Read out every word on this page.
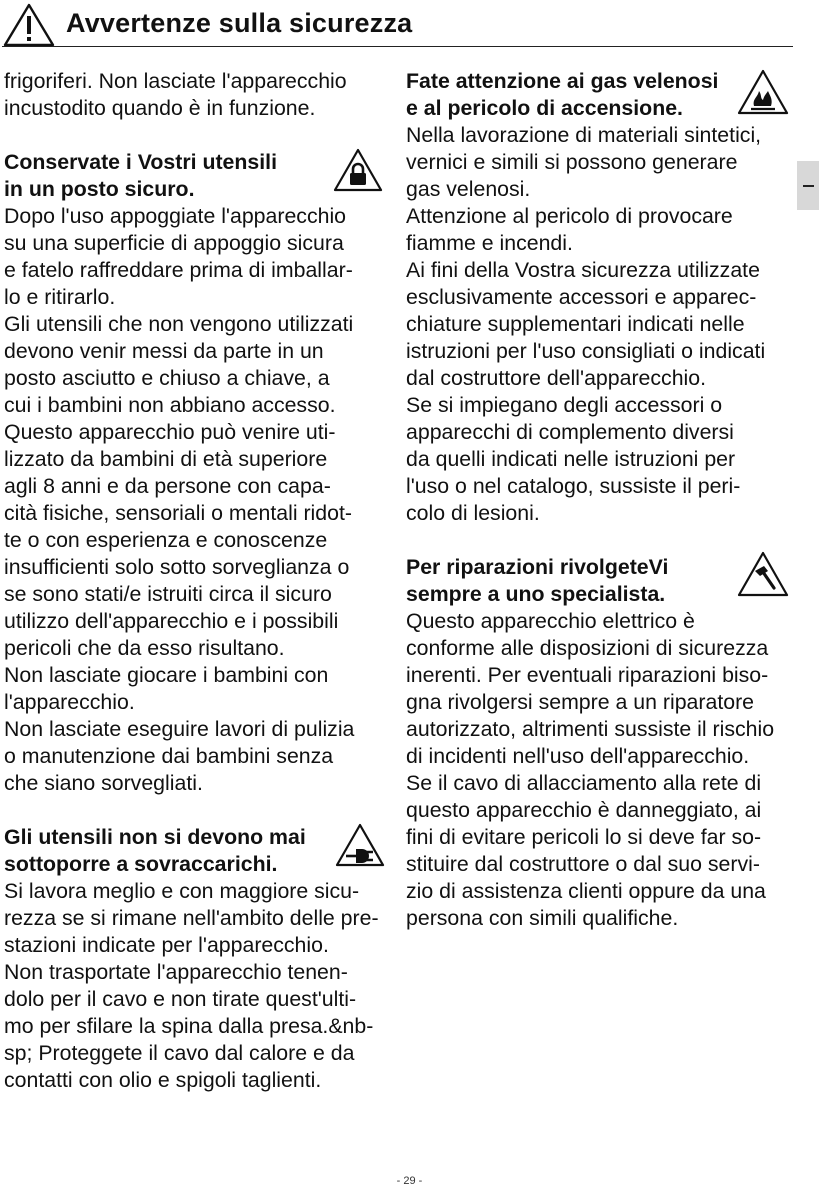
Avvertenze sulla sicurezza

frigoriferi. Non lasciate l'apparecchio

incustodito quando è in funzione.

Conservate i Vostri utensili

in un posto sicuro.

Dopo l'uso appoggiate l'apparecchio

su una superficie di appoggio sicura

e fatelo raffreddare prima di imballar-

lo e ritirarlo.

Gli utensili che non vengono utilizzati

devono venir messi da parte in un

posto asciutto e chiuso a chiave, a

cui i bambini non abbiano accesso.

Questo apparecchio può venire uti-

lizzato da bambini di età superiore

agli 8 anni e da persone con capa-

cità fisiche, sensoriali o mentali ridot-

te o con esperienza e conoscenze

insufficienti solo sotto sorveglianza o

se sono stati/e istruiti circa il sicuro

utilizzo dell'apparecchio e i possibili

pericoli che da esso risultano.

Non lasciate giocare i bambini con

l'apparecchio.

Non lasciate eseguire lavori di pulizia

o manutenzione dai bambini senza

che siano sorvegliati.

Gli utensili non si devono mai

sottoporre a sovraccarichi.

Si lavora meglio e con maggiore sicu-

rezza se si rimane nell'ambito delle pre-

stazioni indicate per l'apparecchio.

Non trasportate l'apparecchio tenen-

dolo per il cavo e non tirate quest'ulti-

mo per sfilare la spina dalla presa.&nb-

sp; Proteggete il cavo dal calore e da

contatti con olio e spigoli taglienti.

Fate attenzione ai gas velenosi

e al pericolo di accensione.

Nella lavorazione di materiali sintetici,

vernici e simili si possono generare

gas velenosi.

Attenzione al pericolo di provocare

fiamme e incendi.

Ai fini della Vostra sicurezza utilizzate

esclusivamente accessori e apparec-

chiature supplementari indicati nelle

istruzioni per l'uso consigliati o indicati

dal costruttore dell'apparecchio.

Se si impiegano degli accessori o

apparecchi di complemento diversi

da quelli indicati nelle istruzioni per

l'uso o nel catalogo, sussiste il peri-

colo di lesioni.

Per riparazioni rivolgeteVi

sempre a uno specialista.

Questo apparecchio elettrico è

conforme alle disposizioni di sicurezza

inerenti. Per eventuali riparazioni biso-

gna rivolgersi sempre a un riparatore

autorizzato, altrimenti sussiste il rischio

di incidenti nell'uso dell'apparecchio.

Se il cavo di allacciamento alla rete di

questo apparecchio è danneggiato, ai

fini di evitare pericoli lo si deve far so-

stituire dal costruttore o dal suo servi-

zio di assistenza clienti oppure da una

persona con simili qualifiche.

- 29 -
